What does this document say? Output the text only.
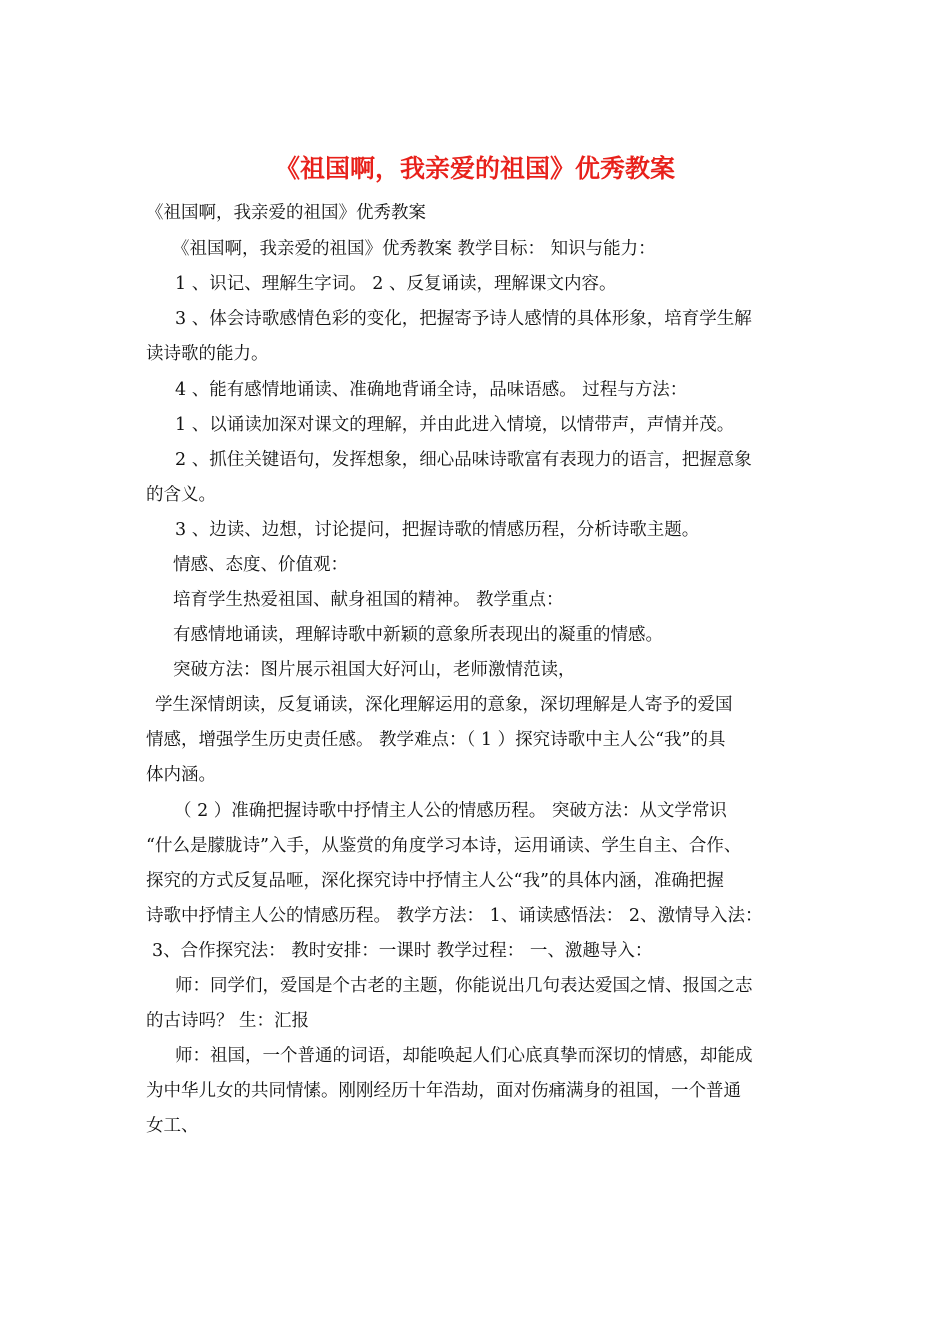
《祖国啊，我亲爱的祖国》优秀教案

《祖国啊，我亲爱的祖国》优秀教案

《祖国啊，我亲爱的祖国》优秀教案 教学目标： 知识与能力：

1 、识记、理解生字词。 2 、反复诵读，理解课文内容。

3 、体会诗歌感情色彩的变化，把握寄予诗人感情的具体形象，培育学生解

读诗歌的能力。

4 、能有感情地诵读、准确地背诵全诗，品味语感。 过程与方法：

1 、以诵读加深对课文的理解，并由此进入情境，以情带声，声情并茂。

2 、抓住关键语句，发挥想象，细心品味诗歌富有表现力的语言，把握意象

的含义。

3 、边读、边想，讨论提问，把握诗歌的情感历程，分析诗歌主题。

情感、态度、价值观：

培育学生热爱祖国、献身祖国的精神。 教学重点：

有感情地诵读，理解诗歌中新颖的意象所表现出的凝重的情感。

突破方法：图片展示祖国大好河山，老师激情范读，

学生深情朗读，反复诵读，深化理解运用的意象，深切理解是人寄予的爱国

情感，增强学生历史责任感。 教学难点：（ 1 ）探究诗歌中主人公“我”的具

体内涵。

（ 2 ）准确把握诗歌中抒情主人公的情感历程。 突破方法：从文学常识

“什么是朦胧诗”入手，从鉴赏的角度学习本诗，运用诵读、学生自主、合作、

探究的方式反复品咂，深化探究诗中抒情主人公“我”的具体内涵，准确把握

诗歌中抒情主人公的情感历程。 教学方法： 1、诵读感悟法： 2、激情导入法：

3、合作探究法： 教时安排：一课时 教学过程： 一、激趣导入：

师：同学们，爱国是个古老的主题，你能说出几句表达爱国之情、报国之志

的古诗吗？ 生：汇报

师：祖国，一个普通的词语，却能唤起人们心底真挚而深切的情感，却能成

为中华儿女的共同情愫。刚刚经历十年浩劫，面对伤痛满身的祖国，一个普通

女工、
